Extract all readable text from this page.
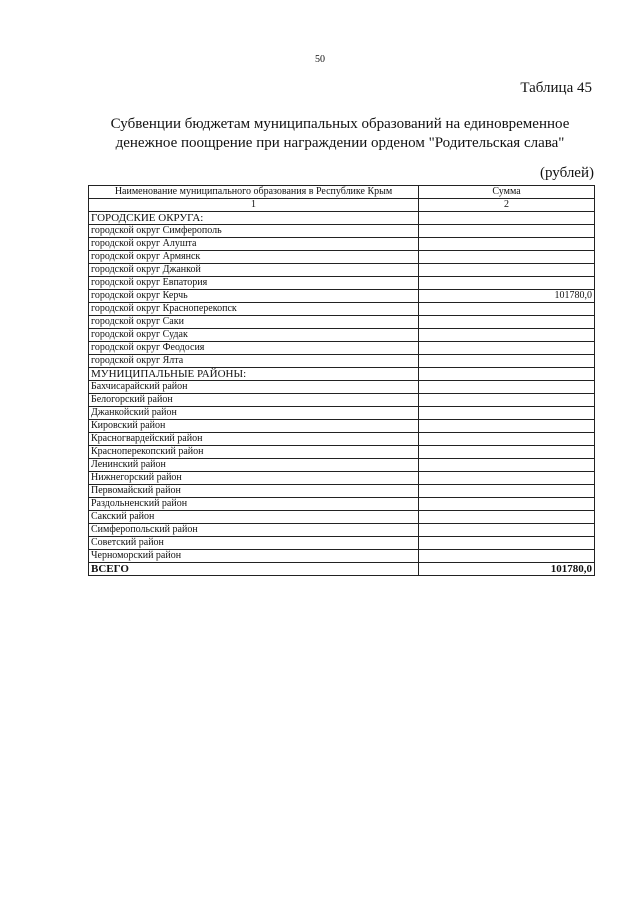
50
Таблица 45
Субвенции бюджетам муниципальных образований на единовременное
денежное поощрение при награждении орденом "Родительская слава"
(рублей)
Наименование муниципального образования в Республике Крым	Сумма
1	2
ГОРОДСКИЕ ОКРУГА:	
городской округ Симферополь	
городской округ Алушта	
городской округ Армянск	
городской округ Джанкой	
городской округ Евпатория	
городской округ Керчь	101780,0
городской округ Красноперекопск	
городской округ Саки	
городской округ Судак	
городской округ Феодосия	
городской округ Ялта	
МУНИЦИПАЛЬНЫЕ РАЙОНЫ:	
Бахчисарайский район	
Белогорский район	
Джанкойский район	
Кировский район	
Красногвардейский район	
Красноперекопский район	
Ленинский район	
Нижнегорский район	
Первомайский район	
Раздольненский район	
Сакский район	
Симферопольский район	
Советский район	
Черноморский район	
ВСЕГО	101780,0
